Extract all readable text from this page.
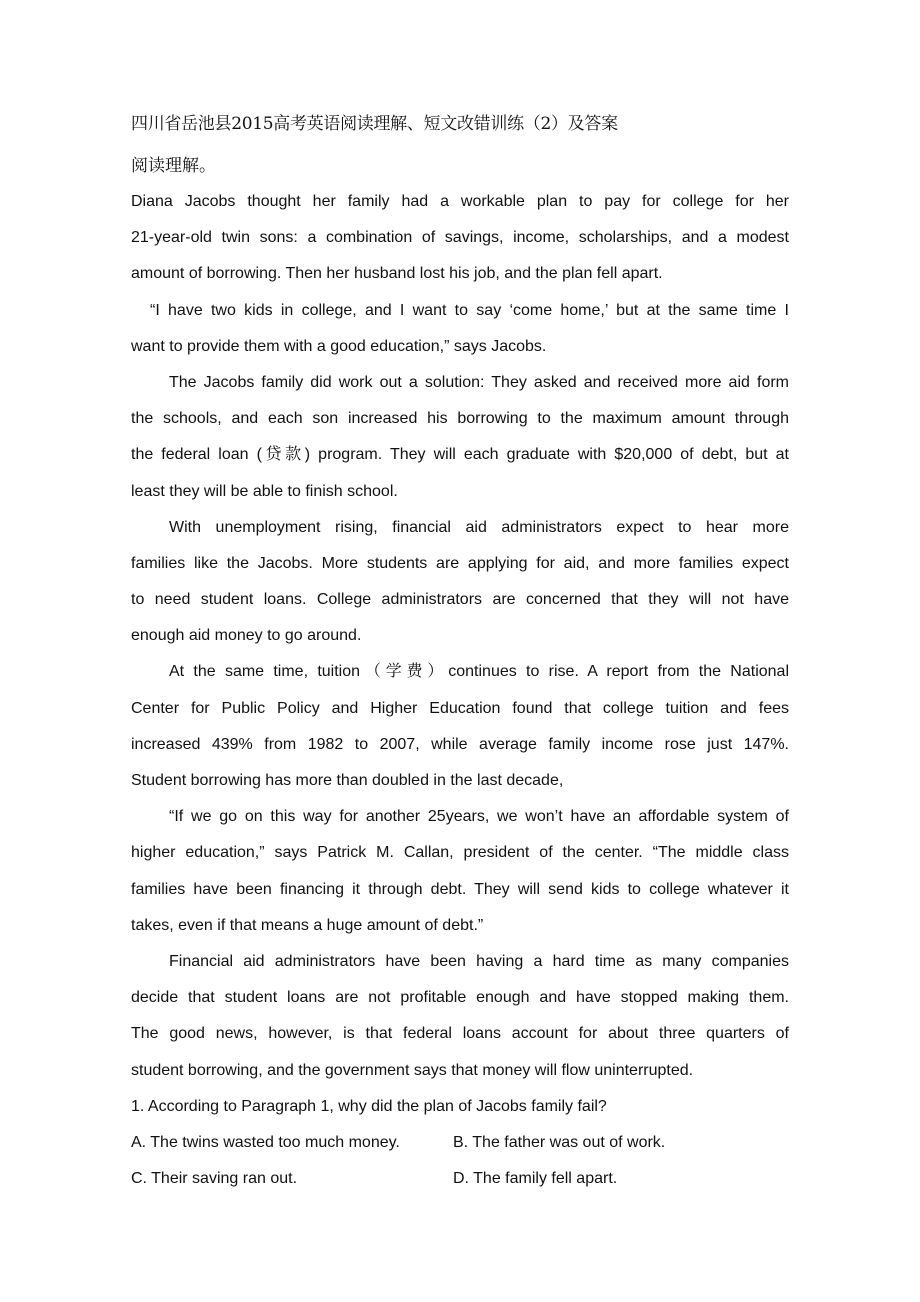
四川省岳池县2015高考英语阅读理解、短文改错训练（2）及答案
阅读理解。
Diana Jacobs thought her family had a workable plan to pay for college for her
21-year-old twin sons: a combination of savings, income, scholarships, and a modest
amount of borrowing. Then her husband lost his job, and the plan fell apart.
“I have two kids in college, and I want to say ‘come home,’ but at the same time I
want to provide them with a good education,” says Jacobs.
The Jacobs family did work out a solution: They asked and received more aid form
the schools, and each son increased his borrowing to the maximum amount through
the federal loan (贷款) program. They will each graduate with $20,000 of debt, but at
least they will be able to finish school.
With unemployment rising, financial aid administrators expect to hear more
families like the Jacobs. More students are applying for aid, and more families expect
to need student loans. College administrators are concerned that they will not have
enough aid money to go around.
At the same time, tuition（学费）continues to rise. A report from the National
Center for Public Policy and Higher Education found that college tuition and fees
increased 439% from 1982 to 2007, while average family income rose just 147%.
Student borrowing has more than doubled in the last decade,
“If we go on this way for another 25years, we won’t have an affordable system of
higher education,” says Patrick M. Callan, president of the center. “The middle class
families have been financing it through debt. They will send kids to college whatever it
takes, even if that means a huge amount of debt.”
Financial aid administrators have been having a hard time as many companies
decide that student loans are not profitable enough and have stopped making them.
The good news, however, is that federal loans account for about three quarters of
student borrowing, and the government says that money will flow uninterrupted.
1. According to Paragraph 1, why did the plan of Jacobs family fail?
A. The twins wasted too much money.	B. The father was out of work.
C. Their saving ran out.	D. The family fell apart.
